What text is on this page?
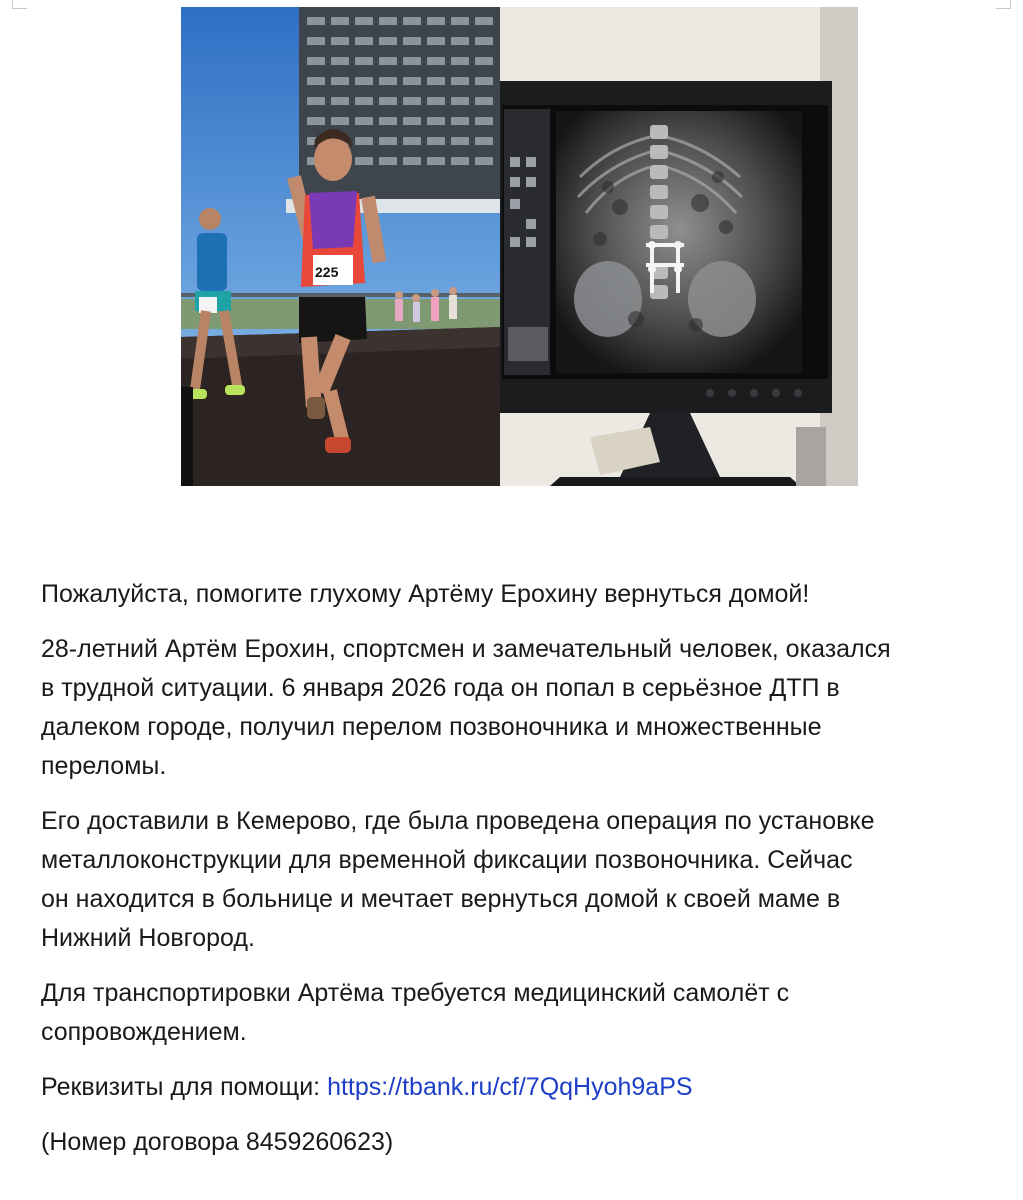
225

Пожалуйста, помогите глухому Артёму Ерохину вернуться домой!

28-летний Артём Ерохин, спортсмен и замечательный человек, оказался
в трудной ситуации. 6 января 2026 года он попал в серьёзное ДТП в
далеком городе, получил перелом позвоночника и множественные
переломы.

Его доставили в Кемерово, где была проведена операция по установке
металлоконструкции для временной фиксации позвоночника. Сейчас
он находится в больнице и мечтает вернуться домой к своей маме в
Нижний Новгород.

Для транспортировки Артёма требуется медицинский самолёт с
сопровождением.

Реквизиты для помощи: https://tbank.ru/cf/7QqHyoh9aPS

(Номер договора 8459260623)
